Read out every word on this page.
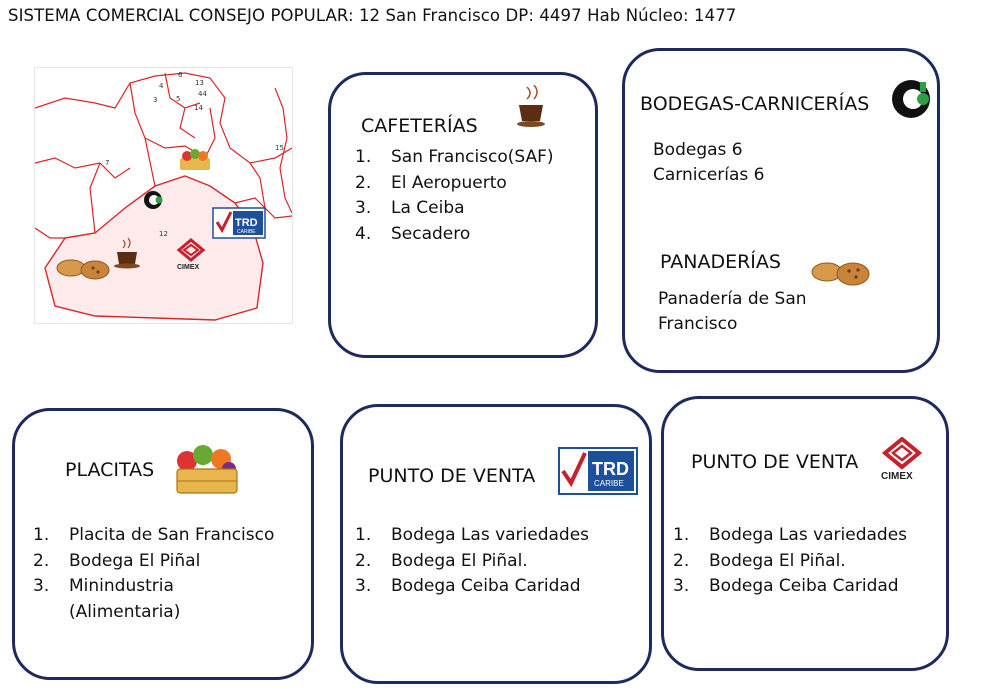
SISTEMA COMERCIAL CONSEJO POPULAR: 12 San Francisco DP: 4497 Hab Núcleo: 1477
6
4	13
3	5
14
7
44
15
12
TRD
CARIBE
CIMEX
CAFETERÍAS
1.	San Francisco(SAF)
2.	El Aeropuerto
3.	La Ceiba
4.	Secadero
BODEGAS-CARNICERÍAS
Bodegas 6
Carnicerías 6
PANADERÍAS
Panadería de San
Francisco
PLACITAS
1.	Placita de San Francisco
2.	Bodega El Piñal
3.	Minindustria (Alimentaria)
PUNTO DE VENTA	TRD
CARIBE
1.	Bodega Las variedades
2.	Bodega El Piñal.
3.	Bodega Ceiba Caridad
PUNTO DE VENTA
CIMEX
1.	Bodega Las variedades
2.	Bodega El Piñal.
3.	Bodega Ceiba Caridad
